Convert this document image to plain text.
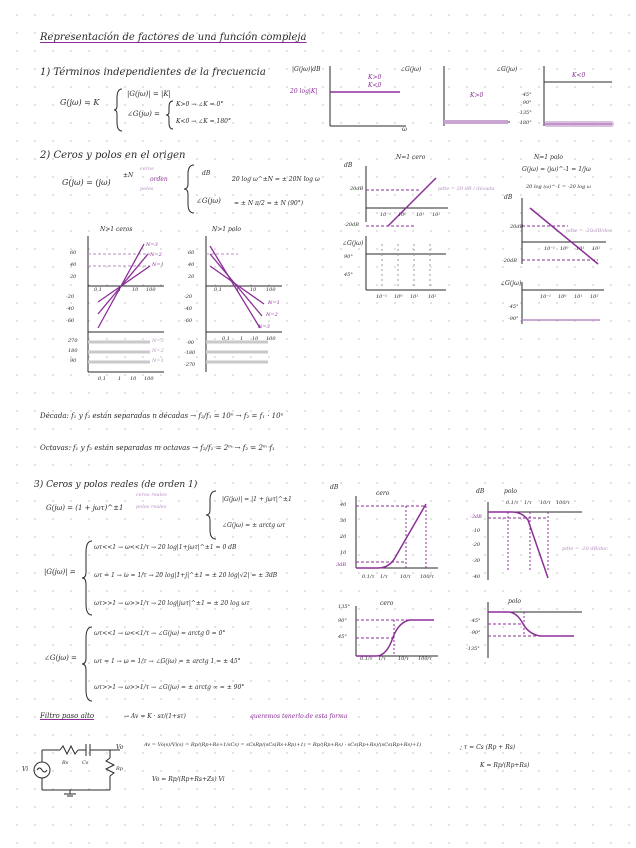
Representación de factores de una función compleja
1) Términos independientes de la frecuencia
G(jω) = K
|G(jω)| = |K|
∠G(jω) =
K>0 → ∠K = 0°
K<0 → ∠K = 180°
|G(jω)|dB
20 log|K|
K>0
K<0
ω
∠G(jω)
K>0
∠G(jω)
K<0
-45°
-90°
-135°
-180°
2) Ceros y polos en el origen
G(jω) = (jω)
±N
ceros
orden
polos
dB
20 log ω^±N = ± 20N log ω
∠G(jω) = ± N π/2 = ± N (90°)
N>1 ceros	N>1 polo
60
40
20
-20
-40
-60
0,1	1 10 100
N=3
N=2
N=1
270
180
90
N=3
N=2
N=1
0,1 1 10 100
60
40
20
-20
-40
-60
0,1	1 10 100
N=1
N=2
N=3
-90
-180
-270
0,1 1 10 100
N=1 cero
dB
20dB
-20dB
pdte = 20 dB / década
10⁻¹ 10⁰ 10¹ 10²
∠G(jω)
90°
45°
10⁻¹ 10⁰ 10¹ 10²
N=1 polo
G(jω) = (jω)^-1 = 1/jω
20 log (ω)^-1 = -20 log ω
dB
20dB
-20dB
pdte = -20 dB/dec
10⁻¹ 10⁰ 10¹ 10²
∠G(jω)
10⁻¹ 10⁰ 10¹ 10²
-45°
-90°
Década: f₁ y f₂ están separadas n décadas → f₂/f₁ = 10ⁿ → f₂ = f₁ · 10ⁿ
Octavas: f₁ y f₂ están separadas m octavas → f₂/f₁ = 2ᵐ → f₂ = 2ᵐ f₁
3) Ceros y polos reales (de orden 1)
ceros reales
polos reales
G(jω) = (1 + jωτ)^±1
|G(jω)| = |1 + jωτ|^±1
∠G(jω) = ± arctg ωτ
|G(jω)| =
ωτ<<1 → ω<<1/τ → 20 log|1+jωτ|^±1 = 0 dB
ωτ = 1 → ω = 1/τ → 20 log|1+j|^±1 = ± 20 log|√2| = ± 3dB
ωτ>>1 → ω>>1/τ → 20 log|jωτ|^±1 = ± 20 log ωτ
∠G(jω) =
ωτ<<1 → ω<<1/τ → ∠G(jω) = arctg 0 = 0°
ωτ = 1 → ω = 1/τ → ∠G(jω) = ± arctg 1 = ± 45°
ωτ>>1 → ω>>1/τ → ∠G(jω) = ± arctg ∞ = ± 90°
cero
dB
40
30
20
10
3dB
0.1/τ 1/τ 10/τ 100/τ
polo
dB
0.1/τ 1/τ 10/τ 100/τ
-3dB
-10
-20
-30
-40
pdte = -20 dB/dec
cero
135°
90°
45°
0.1/τ 1/τ 10/τ 100/τ
polo
-45°
-90°
-135°
Filtro paso alto	→ Av = K · sτ/(1+sτ)	queremos tenerlo de esta forma
Vi
Vo
Rs	Cs
Rp
Av = Vo(s)/Vi(s) = Rp/(Rp+Rs+1/sCs) = sCsRp/(sCs(Rs+Rp)+1) = Rp/(Rp+Rs) · sCs(Rp+Rs)/(sCs(Rp+Rs)+1)
Vo = Rp/(Rp+Rs+Zs) Vi
; τ = Cs (Rp + Rs)
K = Rp/(Rp+Rs)
